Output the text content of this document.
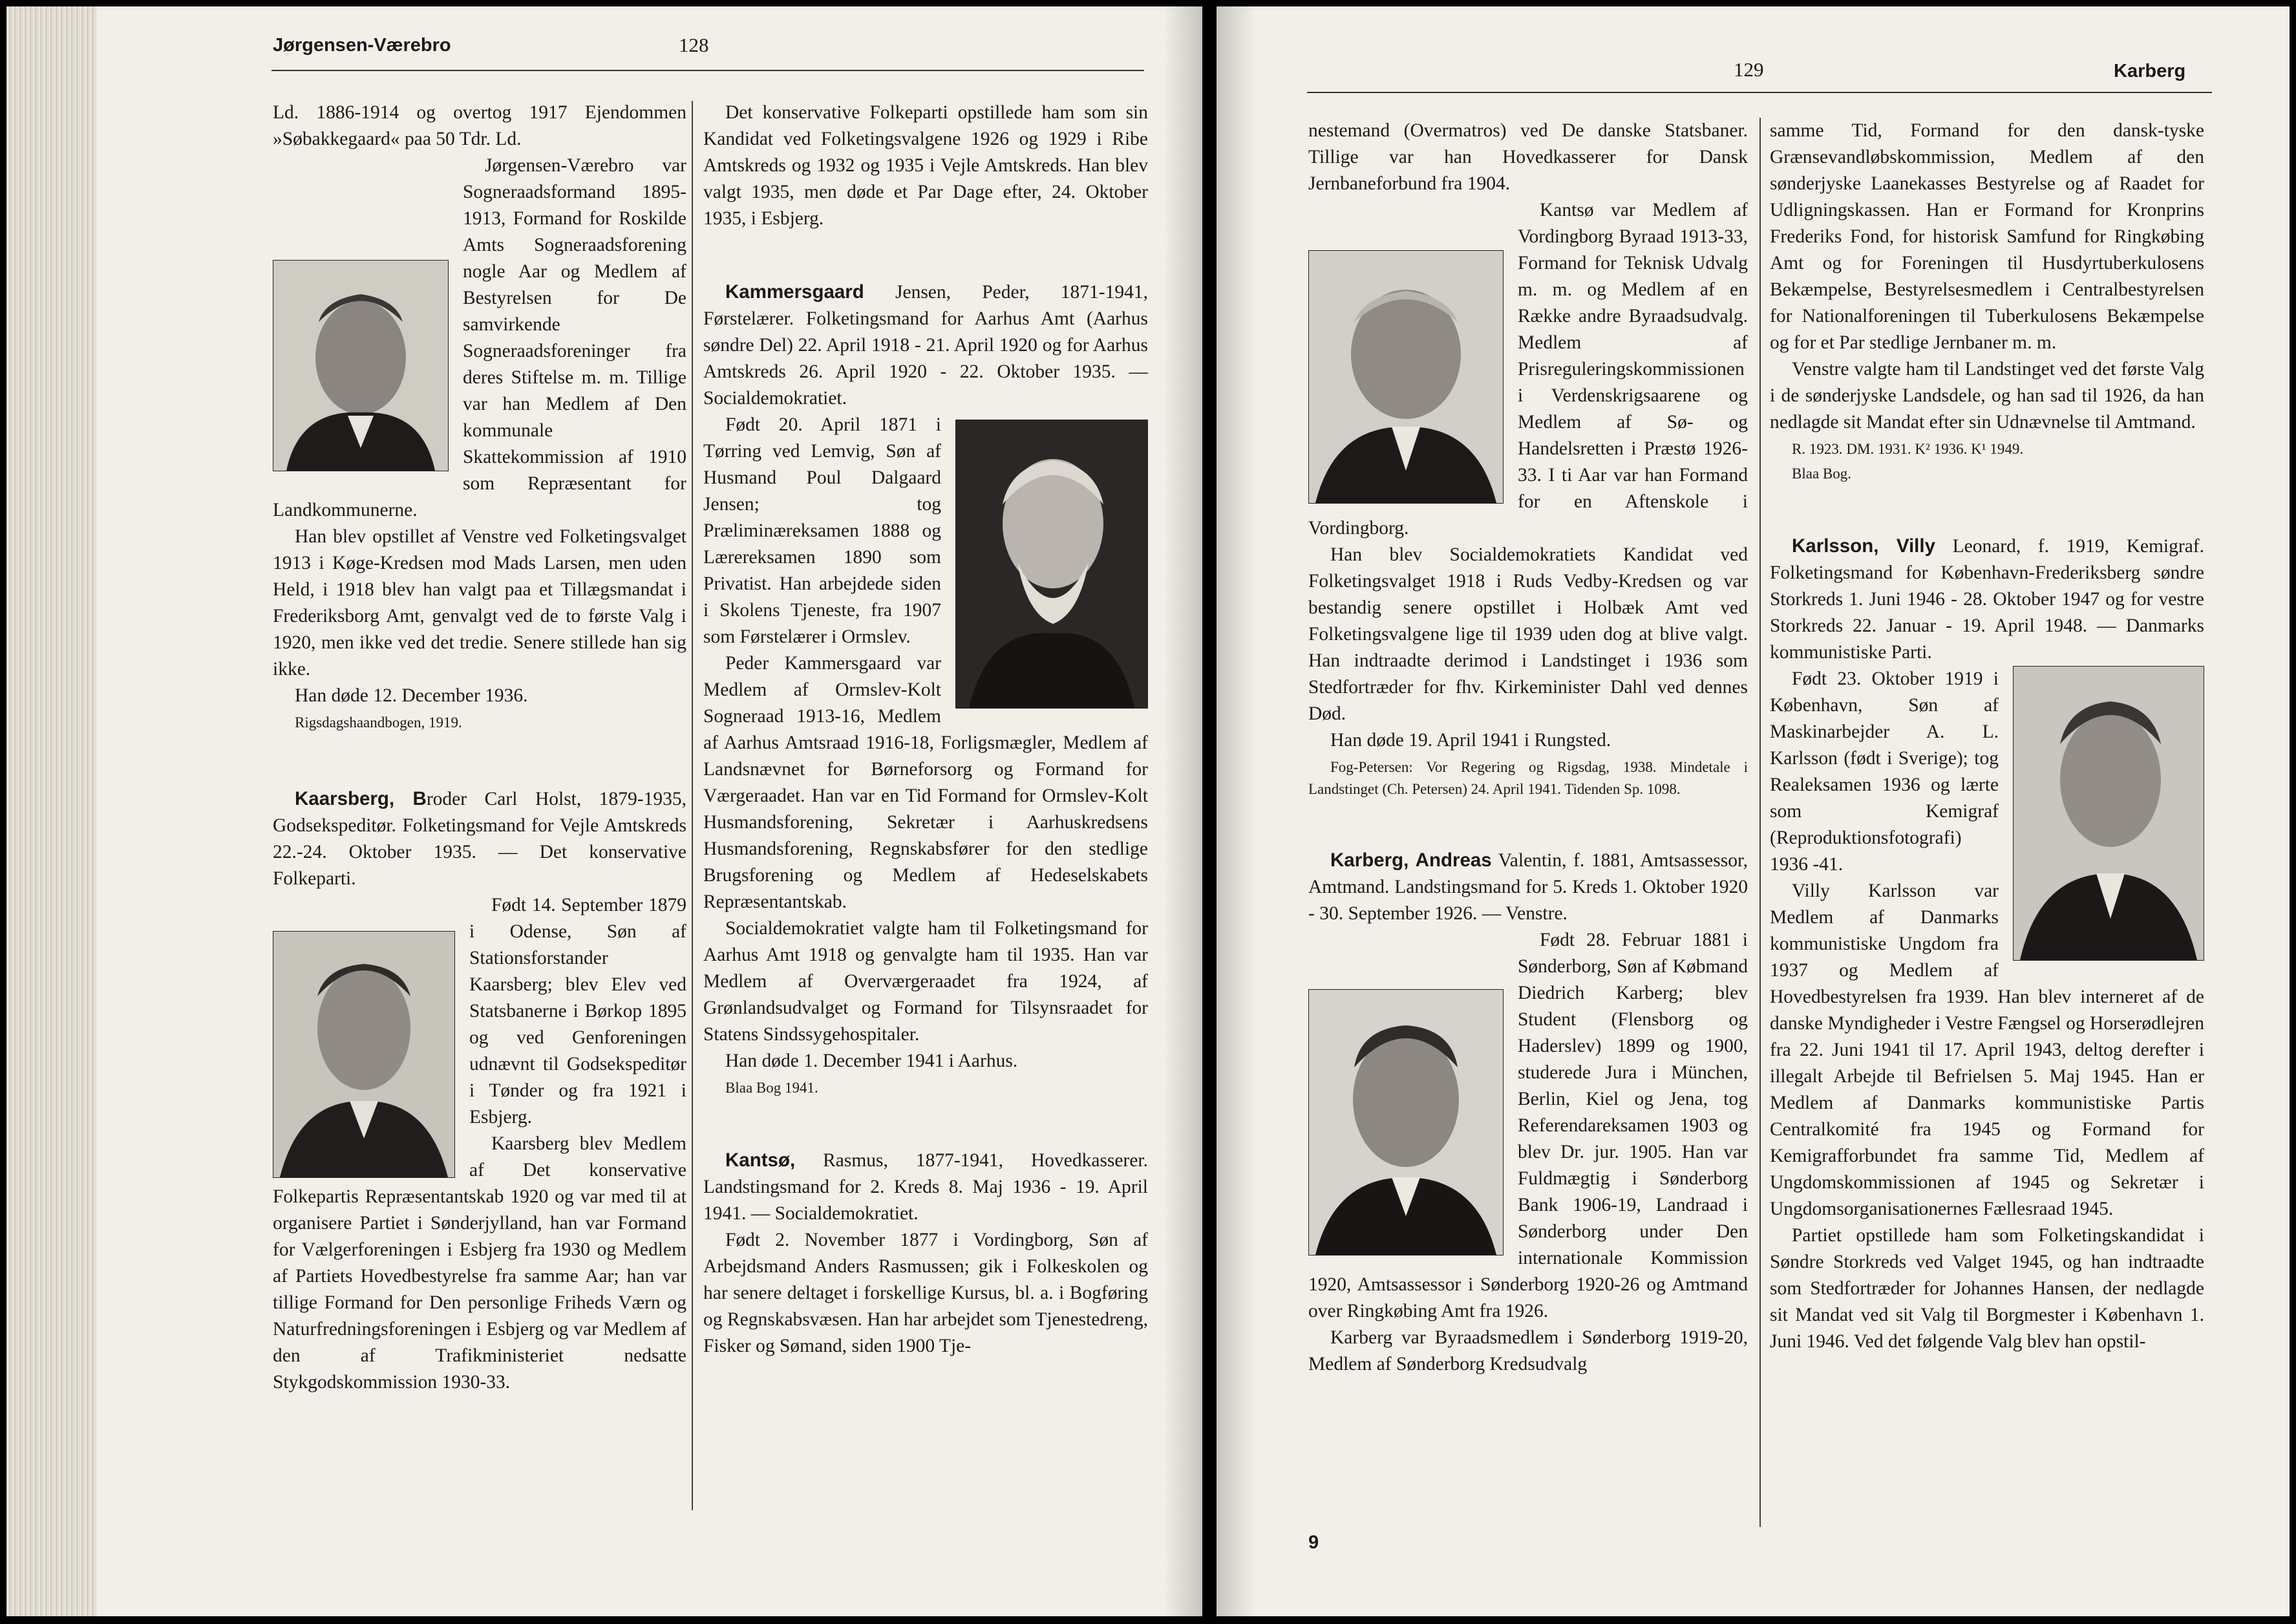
Jørgensen-Værebro	128

Ld. 1886-1914 og overtog 1917 Ejendommen »Søbakkegaard« paa 50 Tdr. Ld.

Jørgensen-Værebro var Sogneraadsformand 1895-1913, Formand for Roskilde Amts Sogneraadsforening nogle Aar og Medlem af Bestyrelsen for De samvirkende Sogneraadsforeninger fra deres Stiftelse m. m. Tillige var han Medlem af Den kommunale Skattekommission af 1910 som Repræsentant for Landkommunerne.

Han blev opstillet af Venstre ved Folketingsvalget 1913 i Køge-Kredsen mod Mads Larsen, men uden Held, i 1918 blev han valgt paa et Tillægsmandat i Frederiksborg Amt, genvalgt ved de to første Valg i 1920, men ikke ved det tredie. Senere stillede han sig ikke.

Han døde 12. December 1936.

Rigsdagshaandbogen, 1919.

Kaarsberg, Broder Carl Holst, 1879-1935, Godsekspeditør. Folketingsmand for Vejle Amtskreds 22.-24. Oktober 1935. — Det konservative Folkeparti.

Født 14. September 1879 i Odense, Søn af Stationsforstander Kaarsberg; blev Elev ved Statsbanerne i Børkop 1895 og ved Genforeningen udnævnt til Godsekspeditør i Tønder og fra 1921 i Esbjerg.

Kaarsberg blev Medlem af Det konservative Folkepartis Repræsentantskab 1920 og var med til at organisere Partiet i Sønderjylland, han var Formand for Vælgerforeningen i Esbjerg fra 1930 og Medlem af Partiets Hovedbestyrelse fra samme Aar; han var tillige Formand for Den personlige Friheds Værn og Naturfredningsforeningen i Esbjerg og var Medlem af den af Trafikministeriet nedsatte Stykgodskommission 1930-33.

Det konservative Folkeparti opstillede ham som sin Kandidat ved Folketingsvalgene 1926 og 1929 i Ribe Amtskreds og 1932 og 1935 i Vejle Amtskreds. Han blev valgt 1935, men døde et Par Dage efter, 24. Oktober 1935, i Esbjerg.

Kammersgaard Jensen, Peder, 1871-1941, Førstelærer. Folketingsmand for Aarhus Amt (Aarhus søndre Del) 22. April 1918 - 21. April 1920 og for Aarhus Amtskreds 26. April 1920 - 22. Oktober 1935. — Socialdemokratiet.

Født 20. April 1871 i Tørring ved Lemvig, Søn af Husmand Poul Dalgaard Jensen; tog Præliminæreksamen 1888 og Lærereksamen 1890 som Privatist. Han arbejdede siden i Skolens Tjeneste, fra 1907 som Førstelærer i Ormslev.

Peder Kammersgaard var Medlem af Ormslev-Kolt Sogneraad 1913-16, Medlem af Aarhus Amtsraad 1916-18, Forligsmægler, Medlem af Landsnævnet for Børneforsorg og Formand for Værgeraadet. Han var en Tid Formand for Ormslev-Kolt Husmandsforening, Sekretær i Aarhuskredsens Husmandsforening, Regnskabsfører for den stedlige Brugsforening og Medlem af Hedeselskabets Repræsentantskab.

Socialdemokratiet valgte ham til Folketingsmand for Aarhus Amt 1918 og genvalgte ham til 1935. Han var Medlem af Overværgeraadet fra 1924, af Grønlandsudvalget og Formand for Tilsynsraadet for Statens Sindssygehospitaler.

Han døde 1. December 1941 i Aarhus.

Blaa Bog 1941.

Kantsø, Rasmus, 1877-1941, Hovedkasserer. Landstingsmand for 2. Kreds 8. Maj 1936 - 19. April 1941. — Socialdemokratiet.

Født 2. November 1877 i Vordingborg, Søn af Arbejdsmand Anders Rasmussen; gik i Folkeskolen og har senere deltaget i forskellige Kursus, bl. a. i Bogføring og Regnskabsvæsen. Han har arbejdet som Tjenestedreng, Fisker og Sømand, siden 1900 Tje-

129	Karberg

nestemand (Overmatros) ved De danske Statsbaner. Tillige var han Hovedkasserer for Dansk Jernbaneforbund fra 1904.

Kantsø var Medlem af Vordingborg Byraad 1913-33, Formand for Teknisk Udvalg m. m. og Medlem af en Række andre Byraadsudvalg. Medlem af Prisreguleringskommissionen i Verdenskrigsaarene og Medlem af Sø- og Handelsretten i Præstø 1926-33. I ti Aar var han Formand for en Aftenskole i Vordingborg.

Han blev Socialdemokratiets Kandidat ved Folketingsvalget 1918 i Ruds Vedby-Kredsen og var bestandig senere opstillet i Holbæk Amt ved Folketingsvalgene lige til 1939 uden dog at blive valgt. Han indtraadte derimod i Landstinget i 1936 som Stedfortræder for fhv. Kirkeminister Dahl ved dennes Død.

Han døde 19. April 1941 i Rungsted.

Fog-Petersen: Vor Regering og Rigsdag, 1938. Mindetale i Landstinget (Ch. Petersen) 24. April 1941. Tidenden Sp. 1098.

Karberg, Andreas Valentin, f. 1881, Amtsassessor, Amtmand. Landstingsmand for 5. Kreds 1. Oktober 1920 - 30. September 1926. — Venstre.

Født 28. Februar 1881 i Sønderborg, Søn af Købmand Diedrich Karberg; blev Student (Flensborg og Haderslev) 1899 og 1900, studerede Jura i München, Berlin, Kiel og Jena, tog Referendareksamen 1903 og blev Dr. jur. 1905. Han var Fuldmægtig i Sønderborg Bank 1906-19, Landraad i Sønderborg under Den internationale Kommission 1920, Amtsassessor i Sønderborg 1920-26 og Amtmand over Ringkøbing Amt fra 1926.

Karberg var Byraadsmedlem i Sønderborg 1919-20, Medlem af Sønderborg Kredsudvalg

samme Tid, Formand for den dansk-tyske Grænsevandløbskommission, Medlem af den sønderjyske Laanekasses Bestyrelse og af Raadet for Udligningskassen. Han er Formand for Kronprins Frederiks Fond, for historisk Samfund for Ringkøbing Amt og for Foreningen til Husdyrtuberkulosens Bekæmpelse, Bestyrelsesmedlem i Centralbestyrelsen for Nationalforeningen til Tuberkulosens Bekæmpelse og for et Par stedlige Jernbaner m. m.

Venstre valgte ham til Landstinget ved det første Valg i de sønderjyske Landsdele, og han sad til 1926, da han nedlagde sit Mandat efter sin Udnævnelse til Amtmand.

R. 1923. DM. 1931. K² 1936. K¹ 1949.

Blaa Bog.

Karlsson, Villy Leonard, f. 1919, Kemigraf. Folketingsmand for København-Frederiksberg søndre Storkreds 1. Juni 1946 - 28. Oktober 1947 og for vestre Storkreds 22. Januar - 19. April 1948. — Danmarks kommunistiske Parti.

Født 23. Oktober 1919 i København, Søn af Maskinarbejder A. L. Karlsson (født i Sverige); tog Realeksamen 1936 og lærte som Kemigraf (Reproduktionsfotografi) 1936 -41.

Villy Karlsson var Medlem af Danmarks kommunistiske Ungdom fra 1937 og Medlem af Hovedbestyrelsen fra 1939. Han blev interneret af de danske Myndigheder i Vestre Fængsel og Horserødlejren fra 22. Juni 1941 til 17. April 1943, deltog derefter i illegalt Arbejde til Befrielsen 5. Maj 1945. Han er Medlem af Danmarks kommunistiske Partis Centralkomité fra 1945 og Formand for Kemigrafforbundet fra samme Tid, Medlem af Ungdomskommissionen af 1945 og Sekretær i Ungdomsorganisationernes Fællesraad 1945.

Partiet opstillede ham som Folketingskandidat i Søndre Storkreds ved Valget 1945, og han indtraadte som Stedfortræder for Johannes Hansen, der nedlagde sit Mandat ved sit Valg til Borgmester i København 1. Juni 1946. Ved det følgende Valg blev han opstil-

9
